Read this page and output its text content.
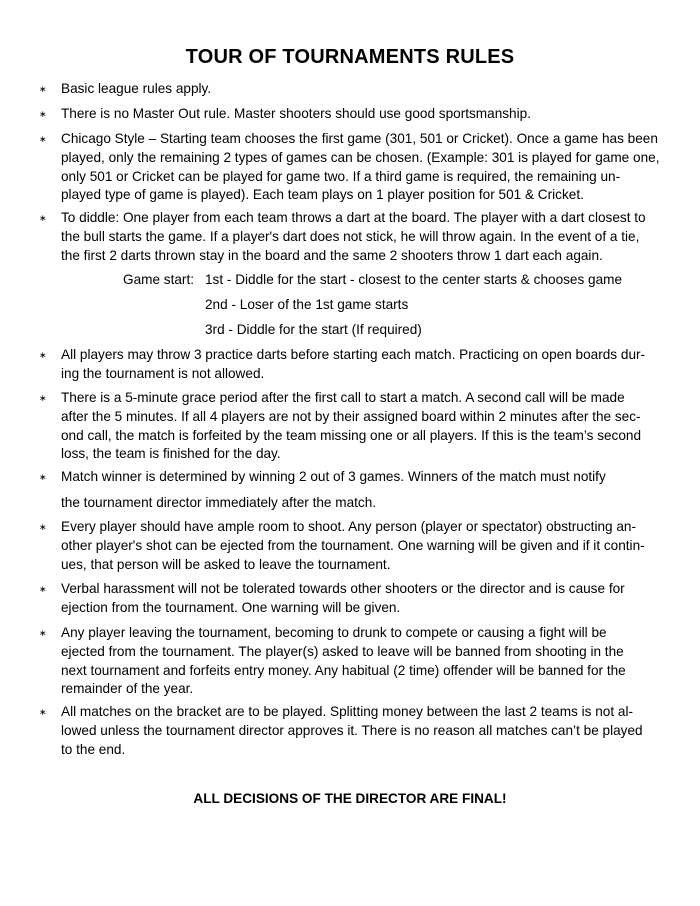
TOUR OF TOURNAMENTS RULES
∗ Basic league rules apply.

∗ There is no Master Out rule. Master shooters should use good sportsmanship.

∗ Chicago Style – Starting team chooses the first game (301, 501 or Cricket). Once a game has been
played, only the remaining 2 types of games can be chosen. (Example: 301 is played for game one,
only 501 or Cricket can be played for game two. If a third game is required, the remaining un-
played type of game is played). Each team plays on 1 player position for 501 & Cricket.

∗ To diddle: One player from each team throws a dart at the board. The player with a dart closest to
the bull starts the game. If a player's dart does not stick, he will throw again. In the event of a tie,
the first 2 darts thrown stay in the board and the same 2 shooters throw 1 dart each again.

Game start: 1st - Diddle for the start - closest to the center starts & chooses game
2nd - Loser of the 1st game starts
3rd - Diddle for the start (If required)
∗ All players may throw 3 practice darts before starting each match. Practicing on open boards dur-
ing the tournament is not allowed.

∗ There is a 5-minute grace period after the first call to start a match. A second call will be made
after the 5 minutes. If all 4 players are not by their assigned board within 2 minutes after the sec-
ond call, the match is forfeited by the team missing one or all players. If this is the team’s second
loss, the team is finished for the day.

∗ Match winner is determined by winning 2 out of 3 games. Winners of the match must notify

the tournament director immediately after the match.
∗ Every player should have ample room to shoot. Any person (player or spectator) obstructing an-
other player's shot can be ejected from the tournament. One warning will be given and if it contin-
ues, that person will be asked to leave the tournament.

∗ Verbal harassment will not be tolerated towards other shooters or the director and is cause for
ejection from the tournament. One warning will be given.

∗ Any player leaving the tournament, becoming to drunk to compete or causing a fight will be
ejected from the tournament. The player(s) asked to leave will be banned from shooting in the
next tournament and forfeits entry money. Any habitual (2 time) offender will be banned for the
remainder of the year.

∗ All matches on the bracket are to be played. Splitting money between the last 2 teams is not al-
lowed unless the tournament director approves it. There is no reason all matches can’t be played
to the end.

ALL DECISIONS OF THE DIRECTOR ARE FINAL!
